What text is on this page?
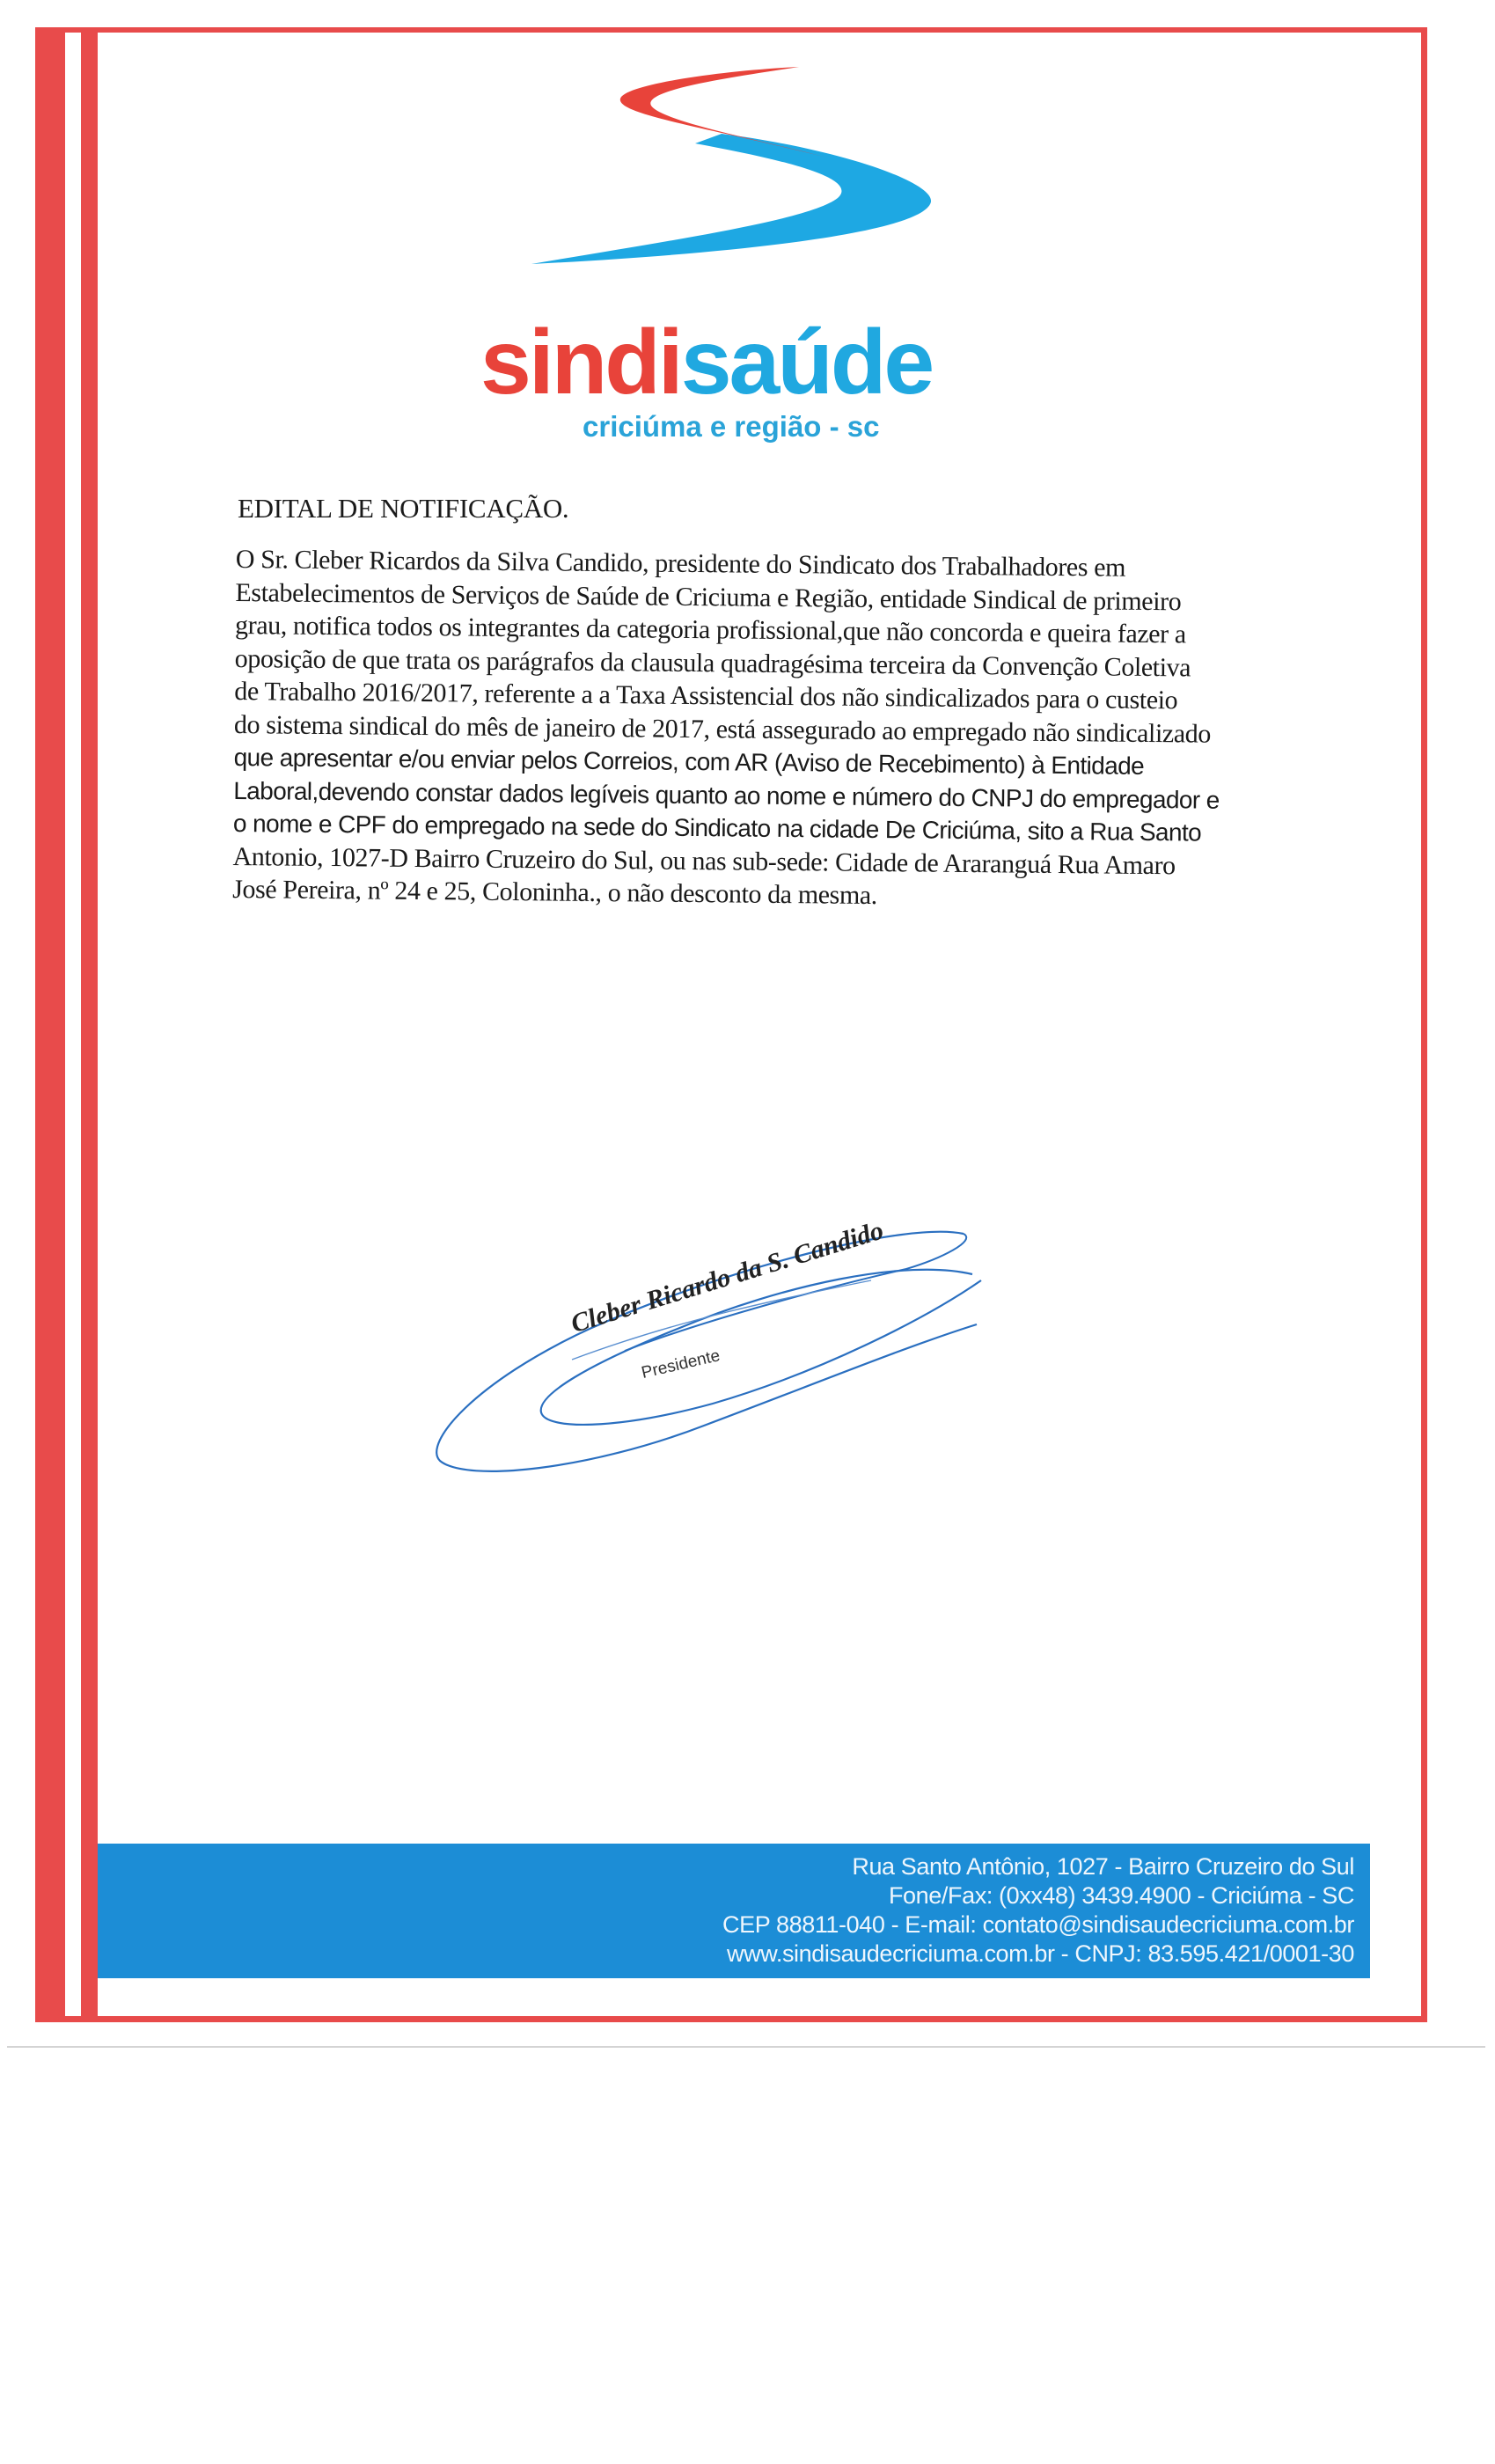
sindisaúde
criciúma e região - sc
EDITAL DE NOTIFICAÇÃO.
O Sr. Cleber Ricardos da Silva Candido, presidente do Sindicato dos Trabalhadores em
Estabelecimentos de Serviços de Saúde de Criciuma e Região, entidade Sindical de primeiro
grau, notifica todos os integrantes da categoria profissional,que não concorda e queira fazer a
oposição de que trata os parágrafos da clausula quadragésima terceira da Convenção Coletiva
de Trabalho 2016/2017, referente a a Taxa Assistencial dos não sindicalizados para o custeio
do sistema sindical do mês de janeiro de 2017, está assegurado ao empregado não sindicalizado
que apresentar e/ou enviar pelos Correios, com AR (Aviso de Recebimento) à Entidade
Laboral,devendo constar dados legíveis quanto ao nome e número do CNPJ do empregador e
o nome e CPF do empregado na sede do Sindicato na cidade De Criciúma, sito a Rua Santo
Antonio, 1027-D Bairro Cruzeiro do Sul, ou nas sub-sede: Cidade de Araranguá Rua Amaro
José Pereira, nº 24 e 25, Coloninha., o não desconto da mesma.
Cleber Ricardo da S. Candido
Presidente
Rua Santo Antônio, 1027 - Bairro Cruzeiro do Sul
Fone/Fax: (0xx48) 3439.4900 - Criciúma - SC
CEP 88811-040 - E-mail: contato@sindisaudecriciuma.com.br
www.sindisaudecriciuma.com.br - CNPJ: 83.595.421/0001-30
